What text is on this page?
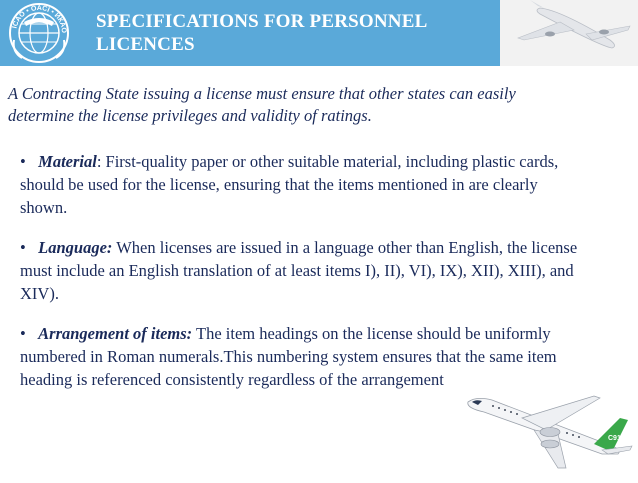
ICAO • OACI • ИКАО SPECIFICATIONS FOR PERSONNEL
LICENCES
A Contracting State issuing a license must ensure that other states can easily
determine the license privileges and validity of ratings.
• Material: First-quality paper or other suitable material, including plastic cards, should be used for the license, ensuring that the items mentioned in are clearly shown.
• Language: When licenses are issued in a language other than English, the license must include an English translation of at least items I), II), VI), IX), XII), XIII), and XIV).
• Arrangement of items: The item headings on the license should be uniformly numbered in Roman numerals.This numbering system ensures that the same item heading is referenced consistently regardless of the arrangement
C919
